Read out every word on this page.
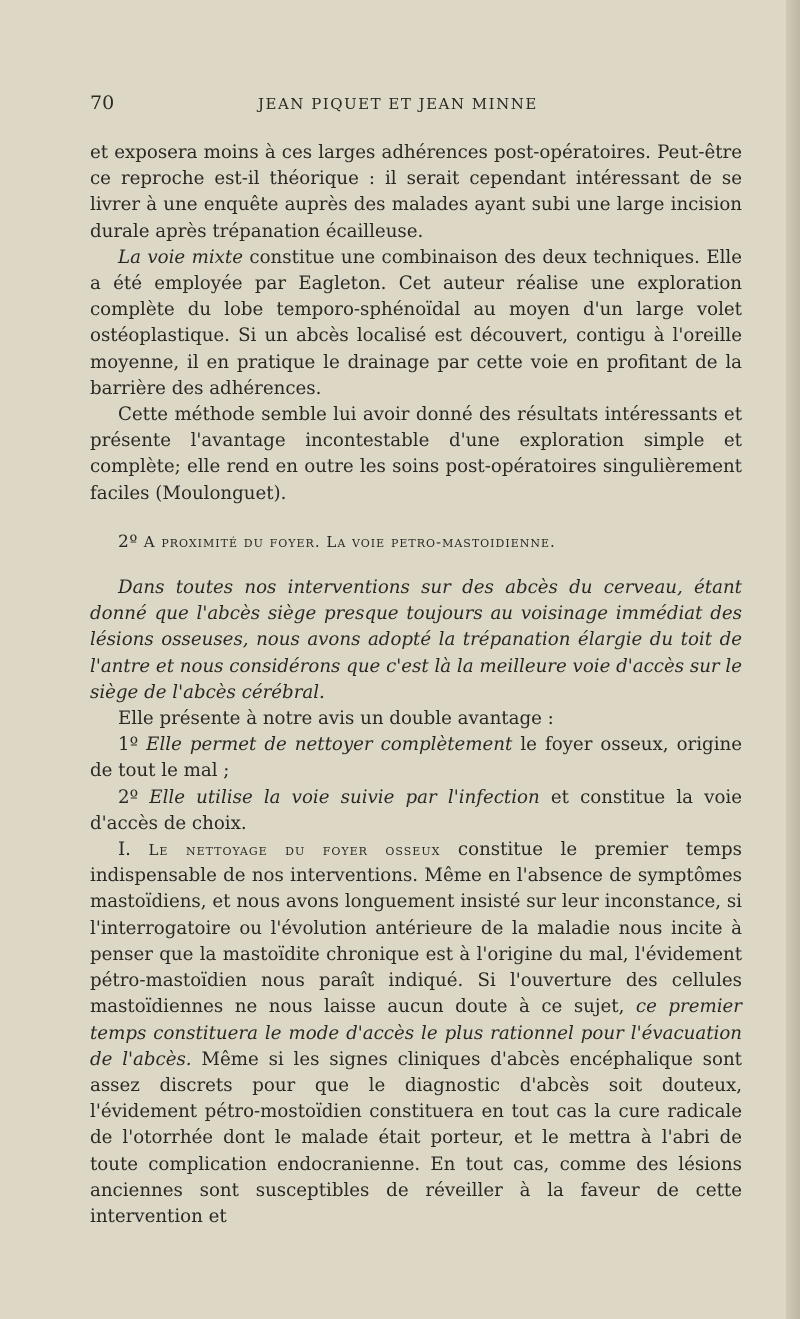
70	JEAN PIQUET ET JEAN MINNE

et exposera moins à ces larges adhérences post-opératoires. Peut-être ce reproche est-il théorique : il serait cependant intéressant de se livrer à une enquête auprès des malades ayant subi une large incision durale après trépanation écailleuse.

La voie mixte constitue une combinaison des deux techniques. Elle a été employée par Eagleton. Cet auteur réalise une exploration complète du lobe temporo-sphénoïdal au moyen d'un large volet ostéoplastique. Si un abcès localisé est découvert, contigu à l'oreille moyenne, il en pratique le drainage par cette voie en profitant de la barrière des adhérences.

Cette méthode semble lui avoir donné des résultats intéressants et présente l'avantage incontestable d'une exploration simple et complète; elle rend en outre les soins post-opératoires singulièrement faciles (Moulonguet).

2º A proximité du foyer. La voie petro-mastoidienne.

Dans toutes nos interventions sur des abcès du cerveau, étant donné que l'abcès siège presque toujours au voisinage immédiat des lésions osseuses, nous avons adopté la trépanation élargie du toit de l'antre et nous considérons que c'est là la meilleure voie d'accès sur le siège de l'abcès cérébral.

Elle présente à notre avis un double avantage :

1º Elle permet de nettoyer complètement le foyer osseux, origine de tout le mal ;

2º Elle utilise la voie suivie par l'infection et constitue la voie d'accès de choix.

I. Le nettoyage du foyer osseux constitue le premier temps indispensable de nos interventions. Même en l'absence de symptômes mastoïdiens, et nous avons longuement insisté sur leur inconstance, si l'interrogatoire ou l'évolution antérieure de la maladie nous incite à penser que la mastoïdite chronique est à l'origine du mal, l'évidement pétro-mastoïdien nous paraît indiqué. Si l'ouverture des cellules mastoïdiennes ne nous laisse aucun doute à ce sujet, ce premier temps constituera le mode d'accès le plus rationnel pour l'évacuation de l'abcès. Même si les signes cliniques d'abcès encéphalique sont assez discrets pour que le diagnostic d'abcès soit douteux, l'évidement pétro-mostoïdien constituera en tout cas la cure radicale de l'otorrhée dont le malade était porteur, et le mettra à l'abri de toute complication endocranienne. En tout cas, comme des lésions anciennes sont susceptibles de réveiller à la faveur de cette intervention et
